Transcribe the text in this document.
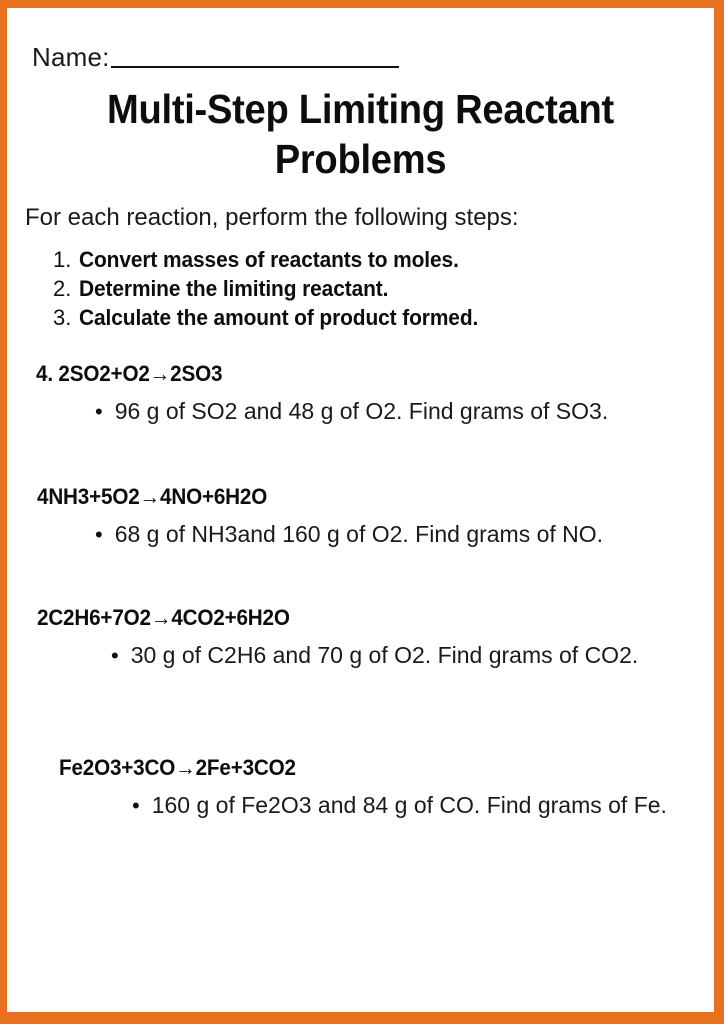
Name:
Multi-Step Limiting Reactant Problems
For each reaction, perform the following steps:
1. Convert masses of reactants to moles.
2. Determine the limiting reactant.
3. Calculate the amount of product formed.
4. 2SO2+O2→2SO3
• 96 g of SO2 and 48 g of O2. Find grams of SO3.
4NH3+5O2→4NO+6H2O
• 68 g of NH3and 160 g of O2. Find grams of NO.
2C2H6+7O2→4CO2+6H2O
• 30 g of C2H6 and 70 g of O2. Find grams of CO2.
Fe2O3+3CO→2Fe+3CO2
• 160 g of Fe2O3 and 84 g of CO. Find grams of Fe.
